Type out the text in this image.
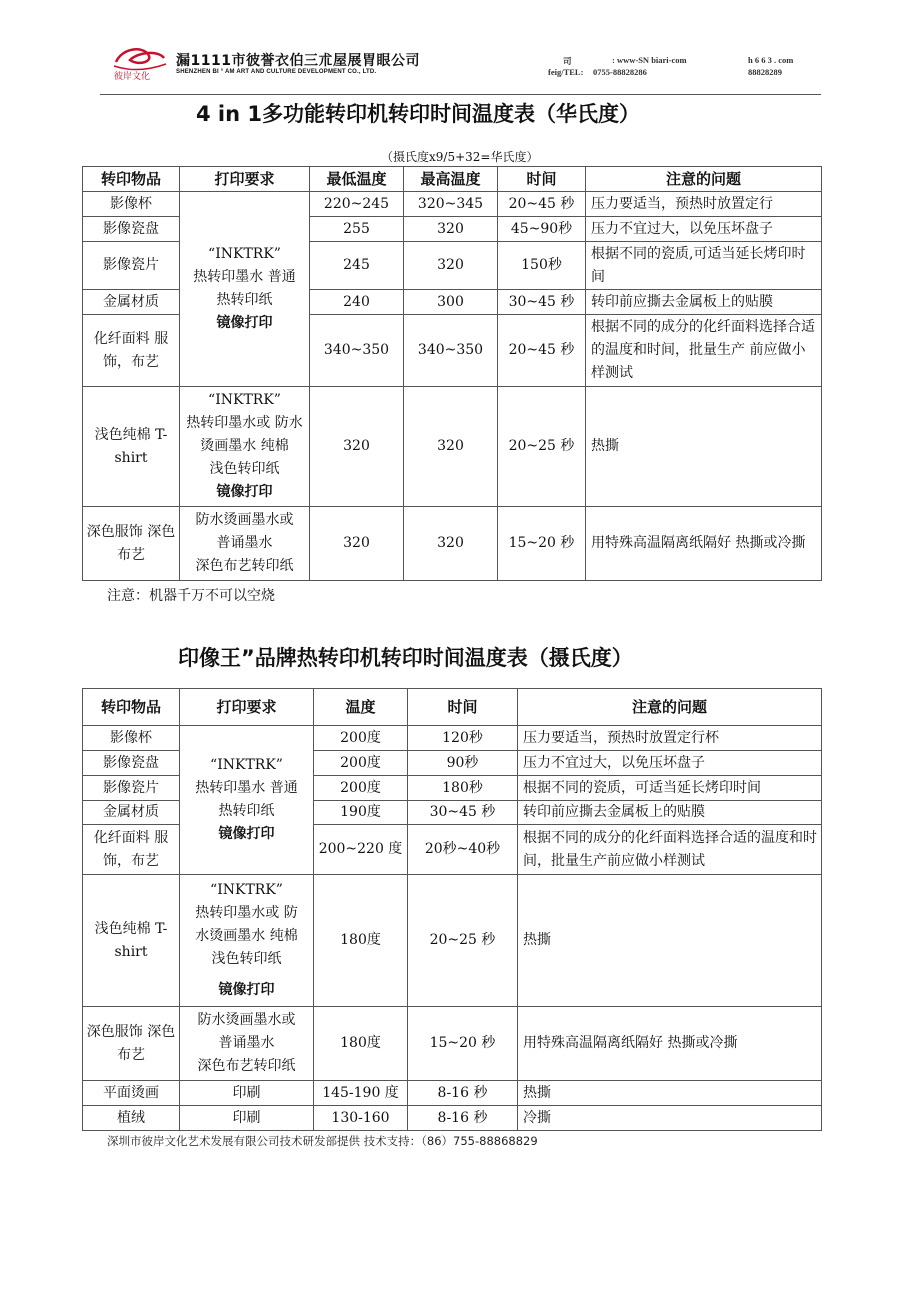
彼岸文化
漏1111市彼誉衣伯三朮屋展胃眼公司
SHENZHEN BI ° AM ART AND CULTURE DEVELOPMENT CO., LTD.
司	: www-SN biari-com	h 6 6 3 . com
feig/TEL: 0755-88828286	88828289
4 in 1多功能转印机转印时间温度表（华氏度）
（摄氏度x9/5+32=华氏度）
转印物品	打印要求	最低温度	最高温度	时间	注意的问题
影像杯	“INKTRK”
热转印墨水 普通
热转印纸
镜像打印	220~245	320~345	20~45 秒	压力要适当，预热时放置定行
影像瓷盘		255	320	45~90秒	压力不宜过大，以免压坏盘子
影像瓷片		245	320	150秒	根据不同的瓷质,可适当延长烤印时间
金属材质		240	300	30~45 秒	转印前应撕去金属板上的贴膜
化纤面料 服饰，布艺		340~350	340~350	20~45 秒	根据不同的成分的化纤面料选择合适的温度和时间，批量生产 前应做小样测试
浅色纯棉 T-shirt	“INKTRK”
热转印墨水或 防水烫画墨水 纯棉
浅色转印纸
镜像打印	320	320	20~25 秒	热撕
深色服饰 深色布艺	防水烫画墨水或
普诵墨水
深色布艺转印纸	320	320	15~20 秒	用特殊高温隔离纸隔好 热撕或冷撕
注意：机器千万不可以空烧
印像王”品牌热转印机转印时间温度表（摄氏度）
转印物品	打印要求	温度	时间	注意的问题
影像杯	“INKTRK”
热转印墨水 普通
热转印纸
镜像打印	200度	120秒	压力要适当，预热时放置定行杯
影像瓷盘		200度	90秒	压力不宜过大，以免压坏盘子
影像瓷片		200度	180秒	根据不同的瓷质，可适当延长烤印时间
金属材质		190度	30~45 秒	转印前应撕去金属板上的贴膜
化纤面料 服饰，布艺		200~220 度	20秒~40秒	根据不同的成分的化纤面料选择合适的温度和时间，批量生产前应做小样测试
浅色纯棉 T-shirt	“INKTRK”
热转印墨水或 防
水烫画墨水 纯棉
浅色转印纸
镜像打印	180度	20~25 秒	热撕
深色服饰 深色布艺	防水烫画墨水或
普诵墨水
深色布艺转印纸	180度	15~20 秒	用特殊高温隔离纸隔好 热撕或冷撕
平面烫画	印刷	145-190 度	8-16 秒	热撕
植绒	印刷	130-160	8-16 秒	冷撕
深圳市彼岸文化艺术发展有限公司技术研发部提供 技术支持：（86）755-88868829
